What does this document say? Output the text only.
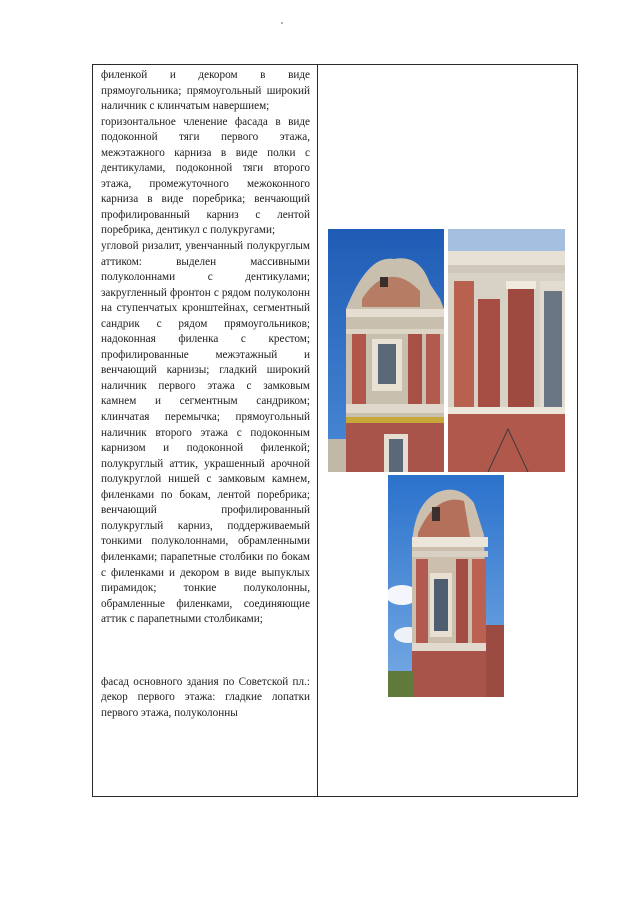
филенкой и декором в виде прямоугольника; прямоугольный широкий наличник с клинчатым навершием;

горизонтальное членение фасада в виде подоконной тяги первого этажа, межэтажного карниза в виде полки с дентикулами, подоконной тяги второго этажа, промежуточного межоконного карниза в виде поребрика; венчающий профилированный карниз с лентой поребрика, дентикул с полукругами;

угловой ризалит, увенчанный полукруглым аттиком: выделен массивными полуколоннами с дентикулами; закругленный фронтон с рядом полуколонн на ступенчатых кронштейнах, сегментный сандрик с рядом прямоугольников; надоконная филенка с крестом; профилированные межэтажный и венчающий карнизы; гладкий широкий наличник первого этажа с замковым камнем и сегментным сандриком; клинчатая перемычка; прямоугольный наличник второго этажа с подоконным карнизом и подоконной филенкой; полукруглый аттик, украшенный арочной полукруглой нишей с замковым камнем, филенками по бокам, лентой поребрика; венчающий профилированный полукруглый карниз, поддерживаемый тонкими полуколоннами, обрамленными филенками; парапетные столбики по бокам с филенками и декором в виде выпуклых пирамидок; тонкие полуколонны, обрамленные филенками, соединяющие аттик с парапетными столбиками;

фасад основного здания по Советской пл.: декор первого этажа: гладкие лопатки первого этажа, полуколонны
